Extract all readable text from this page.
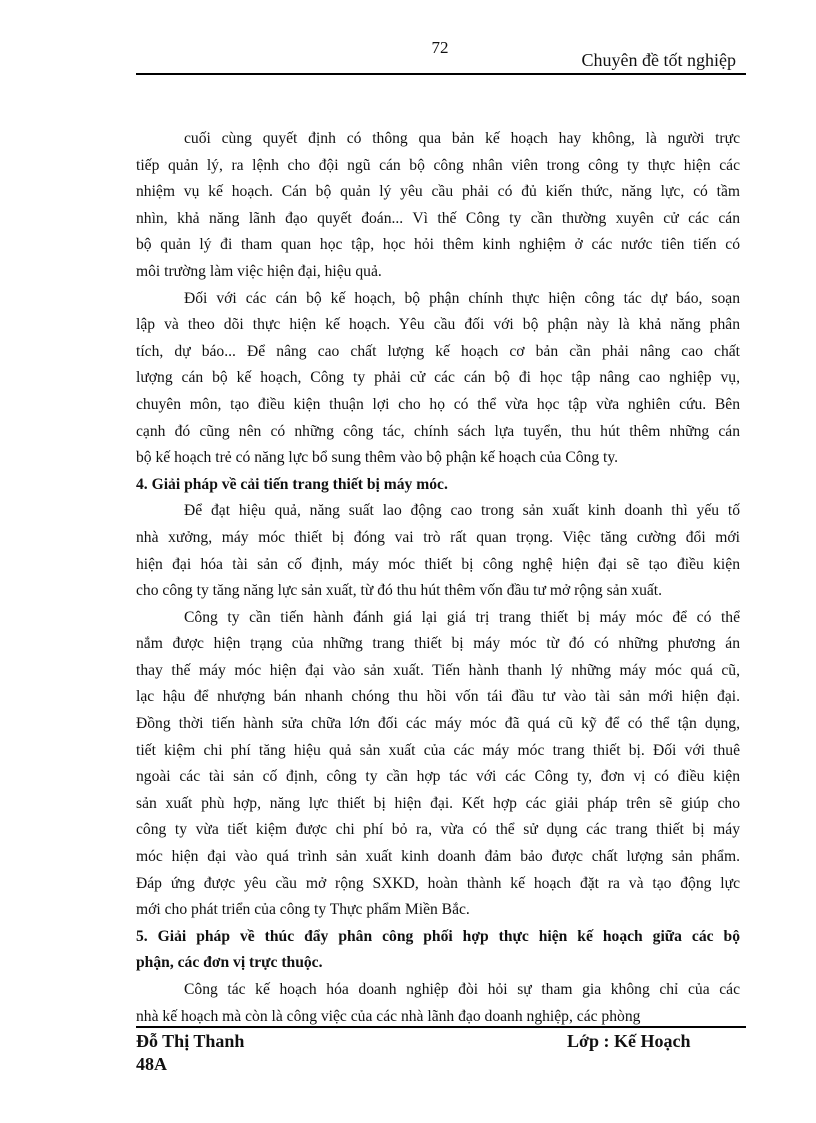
72
Chuyên đề tốt nghiệp
cuối cùng quyết định có thông qua bản kế hoạch hay không, là người trực
tiếp quản lý, ra lệnh cho đội ngũ cán bộ công nhân viên trong công ty thực hiện các
nhiệm vụ kế hoạch. Cán bộ quản lý yêu cầu phải có đủ kiến thức, năng lực, có tầm
nhìn, khả năng lãnh đạo quyết đoán... Vì thế Công ty cần thường xuyên cử các cán
bộ quản lý đi tham quan học tập, học hỏi thêm kinh nghiệm ở các nước tiên tiến có
môi trường làm việc hiện đại, hiệu quả.
Đối với các cán bộ kế hoạch, bộ phận chính thực hiện công tác dự báo, soạn
lập và theo dõi thực hiện kế hoạch. Yêu cầu đối với bộ phận này là khả năng phân
tích, dự báo... Để nâng cao chất lượng kế hoạch cơ bản cần phải nâng cao chất
lượng cán bộ kế hoạch, Công ty phải cử các cán bộ đi học tập nâng cao nghiệp vụ,
chuyên môn, tạo điều kiện thuận lợi cho họ có thể vừa học tập vừa nghiên cứu. Bên
cạnh đó cũng nên có những công tác, chính sách lựa tuyển, thu hút thêm những cán
bộ kế hoạch trẻ có năng lực bổ sung thêm vào bộ phận kế hoạch của Công ty.
4. Giải pháp về cải tiến trang thiết bị máy móc.
Để đạt hiệu quả, năng suất lao động cao trong sản xuất kinh doanh thì yếu tố
nhà xưởng, máy móc thiết bị đóng vai trò rất quan trọng. Việc tăng cường đổi mới
hiện đại hóa tài sản cố định, máy móc thiết bị công nghệ hiện đại sẽ tạo điều kiện
cho công ty tăng năng lực sản xuất, từ đó thu hút thêm vốn đầu tư mở rộng sản xuất.
Công ty cần tiến hành đánh giá lại giá trị trang thiết bị máy móc để có thể
nắm được hiện trạng của những trang thiết bị máy móc từ đó có những phương án
thay thế máy móc hiện đại vào sản xuất. Tiến hành thanh lý những máy móc quá cũ,
lạc hậu để nhượng bán nhanh chóng thu hồi vốn tái đầu tư vào tài sản mới hiện đại.
Đồng thời tiến hành sửa chữa lớn đối các máy móc đã quá cũ kỹ để có thể tận dụng,
tiết kiệm chi phí tăng hiệu quả sản xuất của các máy móc trang thiết bị. Đối với thuê
ngoài các tài sản cố định, công ty cần hợp tác với các Công ty, đơn vị có điều kiện
sản xuất phù hợp, năng lực thiết bị hiện đại. Kết hợp các giải pháp trên sẽ giúp cho
công ty vừa tiết kiệm được chi phí bỏ ra, vừa có thể sử dụng các trang thiết bị máy
móc hiện đại vào quá trình sản xuất kinh doanh đảm bảo được chất lượng sản phẩm.
Đáp ứng được yêu cầu mở rộng SXKD, hoàn thành kế hoạch đặt ra và tạo động lực
mới cho phát triển của công ty Thực phẩm Miền Bắc.
5. Giải pháp về thúc đẩy phân công phối hợp thực hiện kế hoạch giữa các bộ
phận, các đơn vị trực thuộc.
Công tác kế hoạch hóa doanh nghiệp đòi hỏi sự tham gia không chỉ của các
nhà kế hoạch mà còn là công việc của các nhà lãnh đạo doanh nghiệp, các phòng
Đỗ Thị Thanh
48A
Lớp : Kế Hoạch
